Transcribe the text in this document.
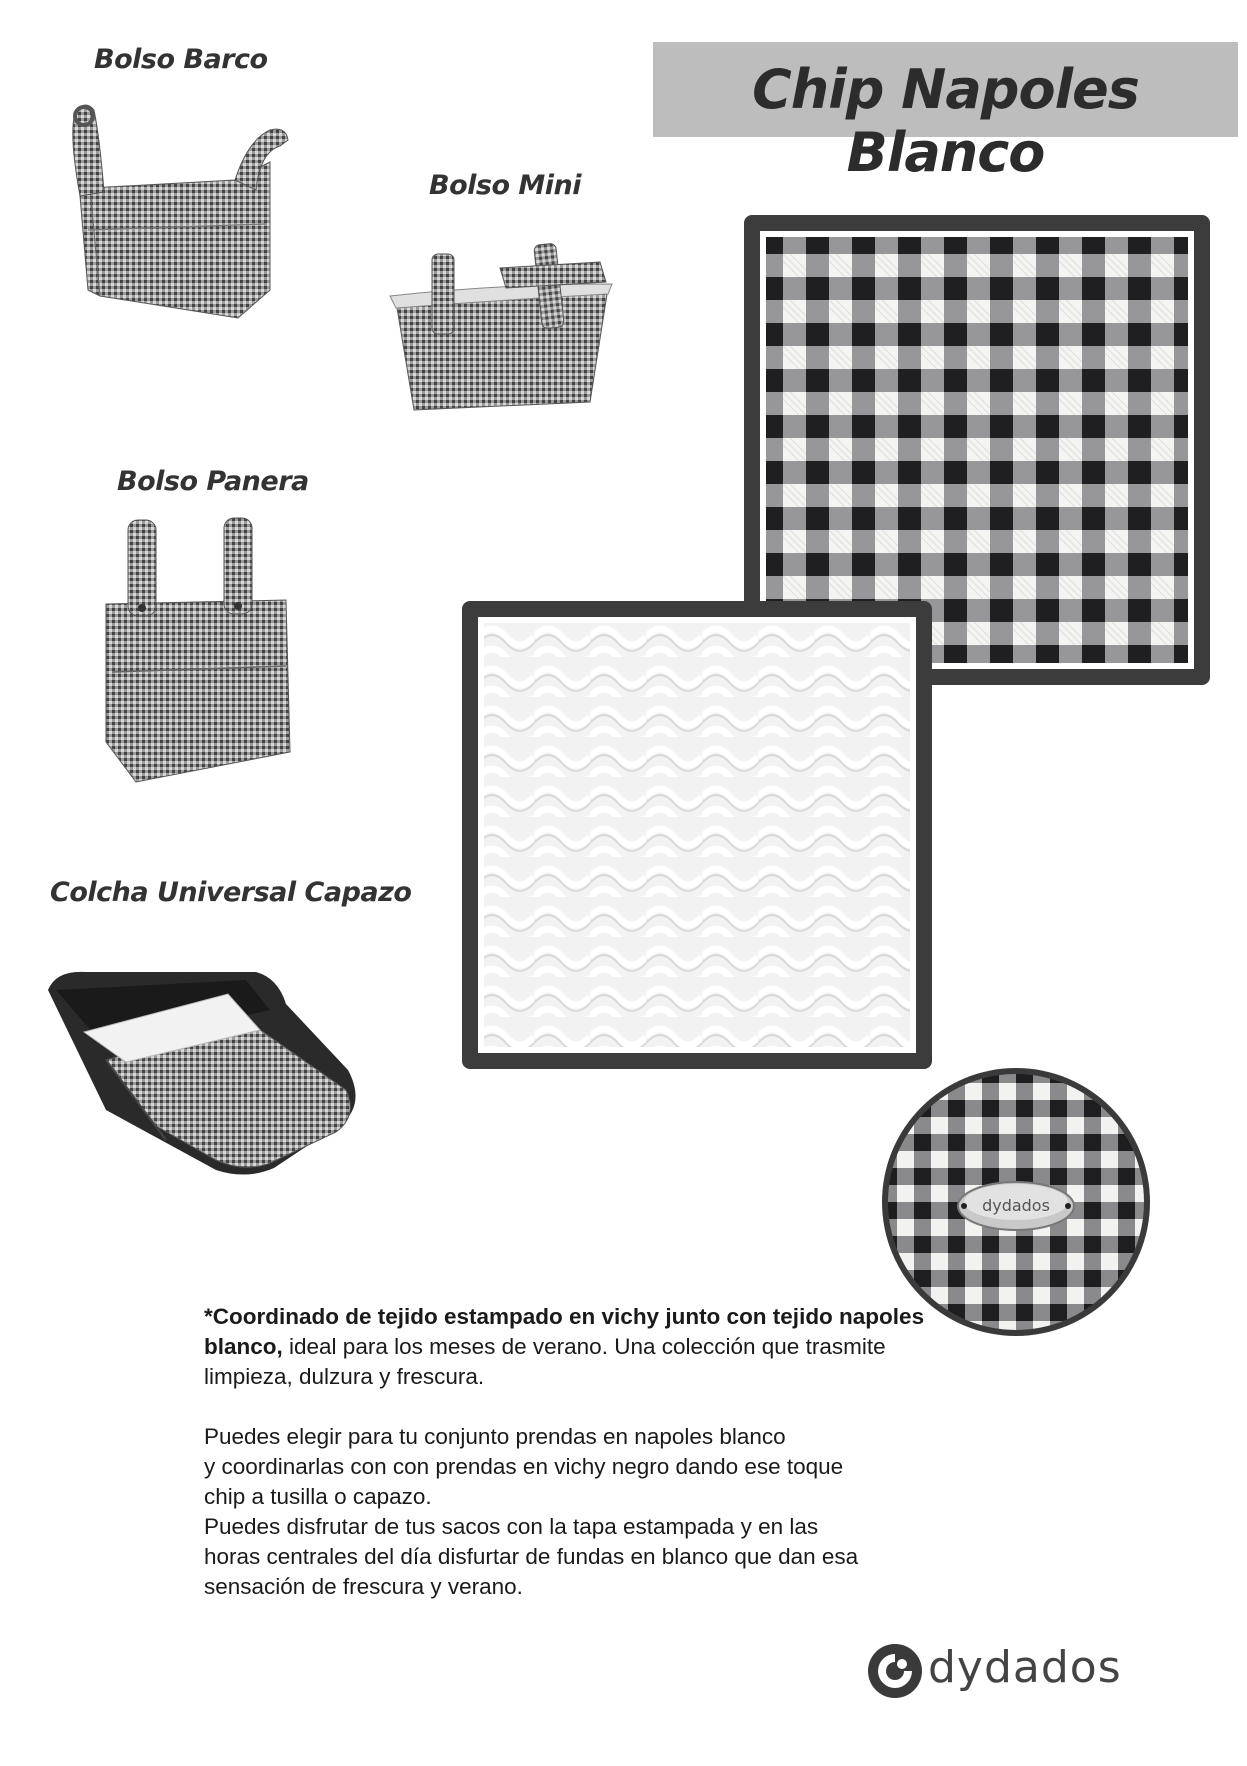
Chip Napoles Blanco
Bolso Barco
Bolso Mini
Bolso Panera
Colcha Universal Capazo
dydados

*Coordinado de tejido estampado en vichy junto con tejido napoles blanco, ideal para los meses de verano. Una colección que trasmite limpieza, dulzura y frescura.

Puedes elegir para tu conjunto prendas en napoles blanco
y coordinarlas con con prendas en vichy negro dando ese toque
chip a tusilla o capazo.
Puedes disfrutar de tus sacos con la tapa estampada y en las
horas centrales del día disfurtar de fundas en blanco que dan esa
sensación de frescura y verano.

dydados
